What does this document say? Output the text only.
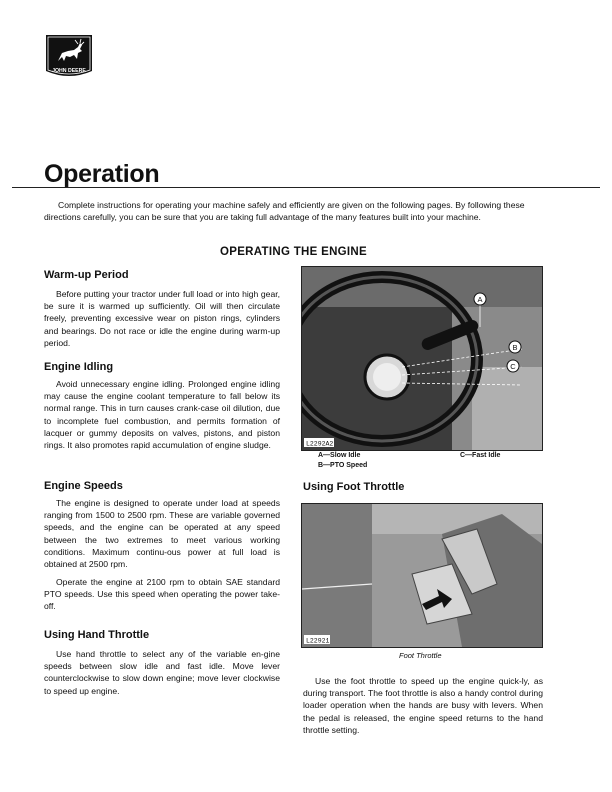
JOHN DEERE
Operation

Complete instructions for operating your machine safely and efficiently are given on the following pages. By following these directions carefully, you can be sure that you are taking full advantage of the many features built into your machine.

OPERATING THE ENGINE
Warm-up Period

Before putting your tractor under full load or into high gear, be sure it is warmed up sufficiently. Oil will then circulate freely, preventing excessive wear on piston rings, cylinders and bearings. Do not race or idle the engine during warm-up period.

Engine Idling

Avoid unnecessary engine idling. Prolonged engine idling may cause the engine coolant temperature to fall below its normal range. This in turn causes crank-case oil dilution, due to incomplete fuel combustion, and permits formation of lacquer or gummy deposits on valves, pistons, and piston rings. It also promotes rapid accumulation of engine sludge.

Engine Speeds

The engine is designed to operate under load at speeds ranging from 1500 to 2500 rpm. These are variable governed speeds, and the engine can be operated at any speed between the two extremes to meet various working conditions. Maximum continu-ous power at full load is obtained at 2500 rpm.

Operate the engine at 2100 rpm to obtain SAE standard PTO speeds. Use this speed when operating the power take-off.

Using Hand Throttle

Use hand throttle to select any of the variable en-gine speeds between slow idle and fast idle. Move lever counterclockwise to slow down engine; move lever clockwise to speed up engine.

A
B
C
L2292A2

A—Slow Idle

B—PTO Speed

C—Fast Idle

Using Foot Throttle
L22921

Foot Throttle

Use the foot throttle to speed up the engine quick-ly, as during transport. The foot throttle is also a handy control during loader operation when the hands are busy with levers. When the pedal is released, the engine speed returns to the hand throttle setting.
